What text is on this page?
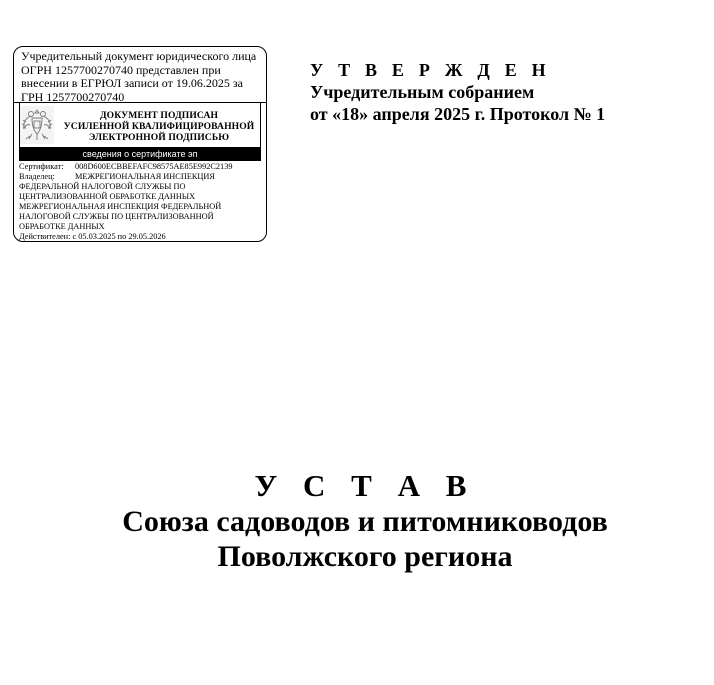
Учредительный документ юридического лица
ОГРН 1257700270740 представлен при
внесении в ЕГРЮЛ записи от 19.06.2025 за
ГРН 1257700270740
ДОКУМЕНТ ПОДПИСАН
УСИЛЕННОЙ КВАЛИФИЦИРОВАННОЙ
ЭЛЕКТРОННОЙ ПОДПИСЬЮ
сведения о сертификате эп
Сертификат: 008D600ECBBEFAFC98575AE85E992C2139
Владелец: МЕЖРЕГИОНАЛЬНАЯ ИНСПЕКЦИЯ
ФЕДЕРАЛЬНОЙ НАЛОГОВОЙ СЛУЖБЫ ПО
ЦЕНТРАЛИЗОВАННОЙ ОБРАБОТКЕ ДАННЫХ
МЕЖРЕГИОНАЛЬНАЯ ИНСПЕКЦИЯ ФЕДЕРАЛЬНОЙ
НАЛОГОВОЙ СЛУЖБЫ ПО ЦЕНТРАЛИЗОВАННОЙ
ОБРАБОТКЕ ДАННЫХ
Действителен: с 05.03.2025 по 29.05.2026
У Т В Е Р Ж Д Е Н
Учредительным собранием
от «18» апреля 2025 г. Протокол № 1
У С Т А В
Союза садоводов и питомниководов
Поволжского региона
